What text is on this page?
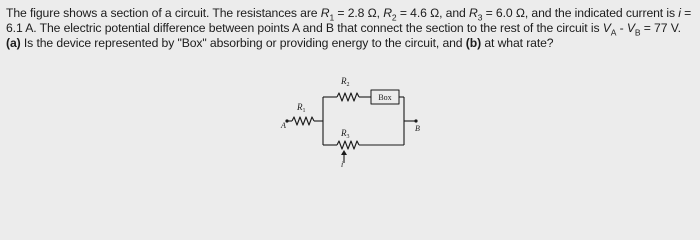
The figure shows a section of a circuit. The resistances are $R_1 = 2.8$ Ω, $R_2 = 4.6$ Ω, and $R_3 = 6.0$ Ω, and the indicated current is i = 6.1 A. The electric potential difference between points A and B that connect the section to the rest of the circuit is $V_A - V_B = 77$ V. (a) Is the device represented by "Box" absorbing or providing energy to the circuit, and (b) at what rate?
$R_1$
$R_2$
$R_3$
Box
A	B
i
